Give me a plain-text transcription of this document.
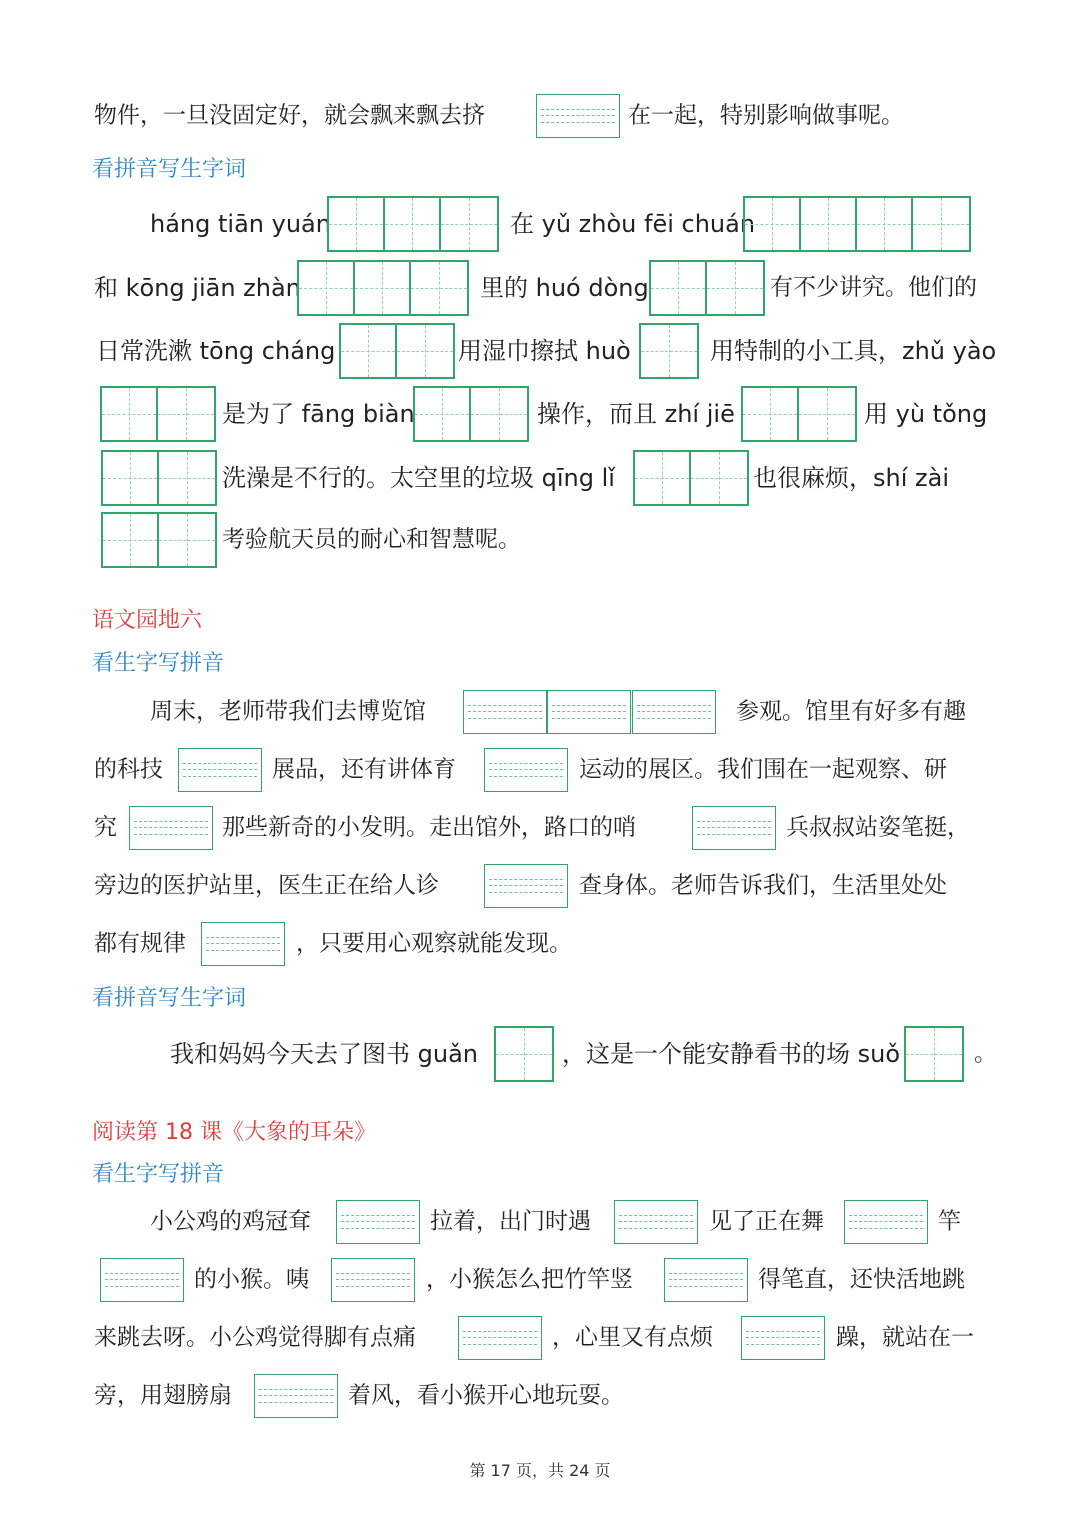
物件，一旦没固定好，就会飘来飘去挤	在一起，特别影响做事呢。
看拼音写生字词
háng tiān yuán	在 yǔ zhòu fēi chuán
和 kōng jiān zhàn	里的 huó dòng	有不少讲究。他们的
日常洗漱 tōng cháng	用湿巾擦拭 huò	用特制的小工具，zhǔ yào
是为了 fāng biàn	操作，而且 zhí jiē	用 yù tǒng
洗澡是不行的。太空里的垃圾 qīng lǐ	也很麻烦，shí zài
考验航天员的耐心和智慧呢。
语文园地六
看生字写拼音
周末，老师带我们去博览馆	参观。馆里有好多有趣
的科技	展品，还有讲体育	运动的展区。我们围在一起观察、研
究	那些新奇的小发明。走出馆外，路口的哨	兵叔叔站姿笔挺，
旁边的医护站里，医生正在给人诊	查身体。老师告诉我们，生活里处处
都有规律	，只要用心观察就能发现。
看拼音写生字词
我和妈妈今天去了图书 guǎn	，这是一个能安静看书的场 suǒ	。
阅读第 18 课《大象的耳朵》
看生字写拼音
小公鸡的鸡冠耷	拉着，出门时遇	见了正在舞	竿
的小猴。咦	，小猴怎么把竹竿竖	得笔直，还快活地跳
来跳去呀。小公鸡觉得脚有点痛	，心里又有点烦	躁，就站在一
旁，用翅膀扇	着风，看小猴开心地玩耍。
第 17 页，共 24 页
